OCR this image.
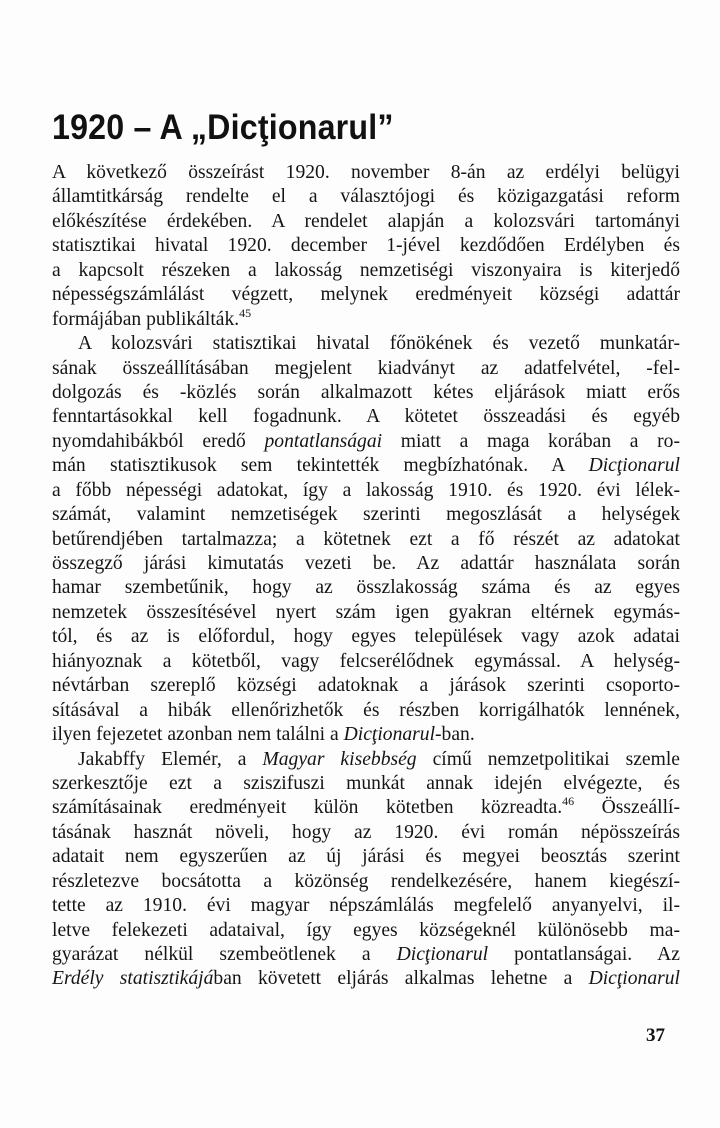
1920 – A „Dicţionarul”
A következő összeírást 1920. november 8-án az erdélyi belügyi
államtitkárság rendelte el a választójogi és közigazgatási reform
előkészítése érdekében. A rendelet alapján a kolozsvári tartományi
statisztikai hivatal 1920. december 1-jével kezdődően Erdélyben és
a kapcsolt részeken a lakosság nemzetiségi viszonyaira is kiterjedő
népességszámlálást végzett, melynek eredményeit községi adattár
formájában publikálták.$^{45}$
A kolozsvári statisztikai hivatal főnökének és vezető munkatár-
sának összeállításában megjelent kiadványt az adatfelvétel, -fel-
dolgozás és -közlés során alkalmazott kétes eljárások miatt erős
fenntartásokkal kell fogadnunk. A kötetet összeadási és egyéb
nyomdahibákból eredő pontatlanságai miatt a maga korában a ro-
mán statisztikusok sem tekintették megbízhatónak. A Dicţionarul
a főbb népességi adatokat, így a lakosság 1910. és 1920. évi lélek-
számát, valamint nemzetiségek szerinti megoszlását a helységek
betűrendjében tartalmazza; a kötetnek ezt a fő részét az adatokat
összegző járási kimutatás vezeti be. Az adattár használata során
hamar szembetűnik, hogy az összlakosság száma és az egyes
nemzetek összesítésével nyert szám igen gyakran eltérnek egymás-
tól, és az is előfordul, hogy egyes települések vagy azok adatai
hiányoznak a kötetből, vagy felcserélődnek egymással. A helység-
névtárban szereplő községi adatoknak a járások szerinti csoporto-
sításával a hibák ellenőrizhetők és részben korrigálhatók lennének,
ilyen fejezetet azonban nem találni a Dicţionarul-ban.
Jakabffy Elemér, a Magyar kisebbség című nemzetpolitikai szemle
szerkesztője ezt a sziszifuszi munkát annak idején elvégezte, és
számításainak eredményeit külön kötetben közreadta.$^{46}$ Összeállí-
tásának hasznát növeli, hogy az 1920. évi román népösszeírás
adatait nem egyszerűen az új járási és megyei beosztás szerint
részletezve bocsátotta a közönség rendelkezésére, hanem kiegészí-
tette az 1910. évi magyar népszámlálás megfelelő anyanyelvi, il-
letve felekezeti adataival, így egyes községeknél különösebb ma-
gyarázat nélkül szembeötlenek a Dicţionarul pontatlanságai. Az
Erdély statisztikájában követett eljárás alkalmas lehetne a Dicţionarul
37
